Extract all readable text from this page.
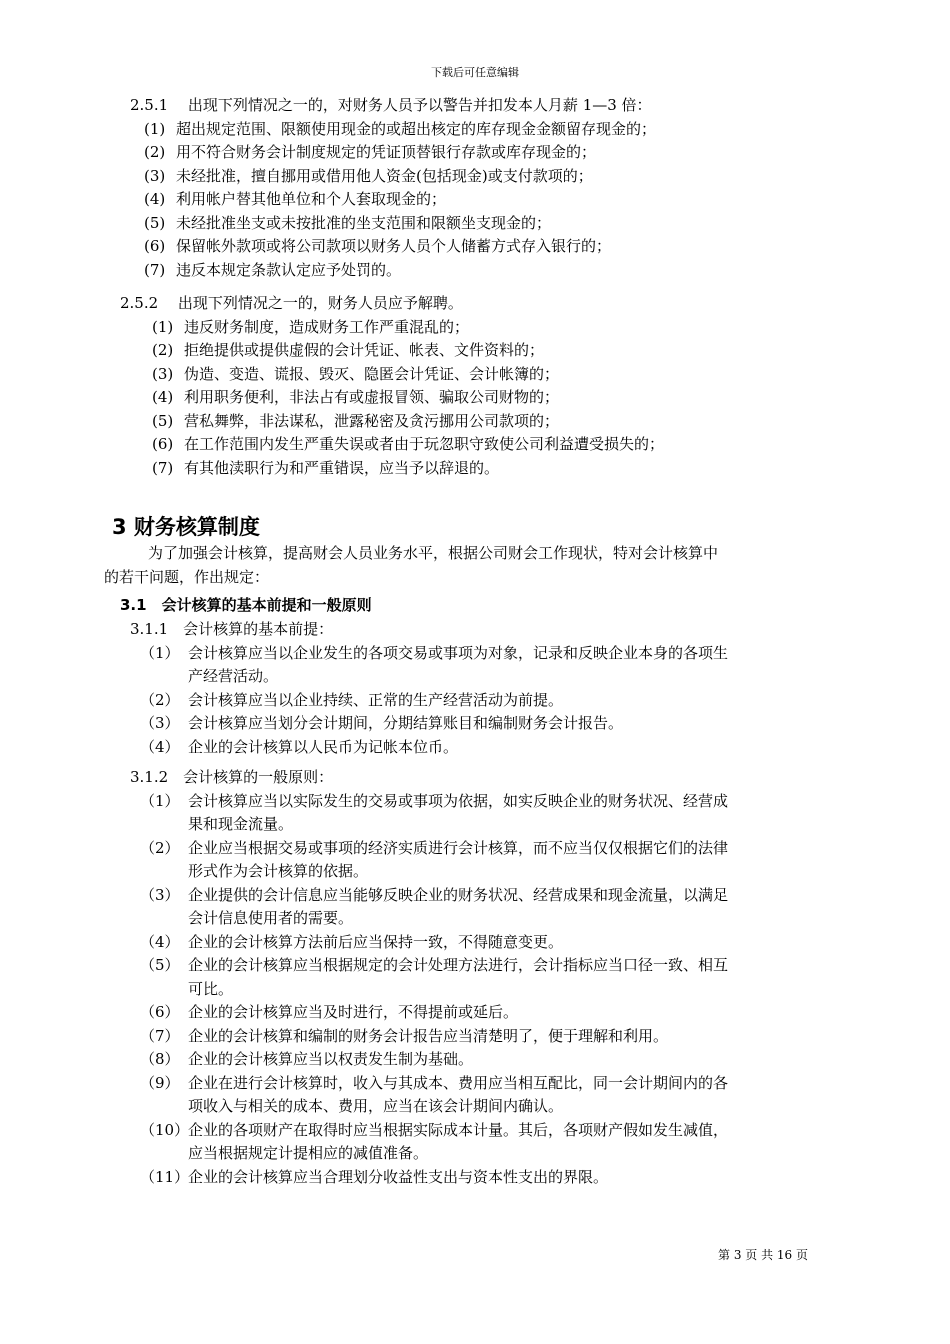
下载后可任意编辑
2.5.1　 出现下列情况之一的，对财务人员予以警告并扣发本人月薪 1—3 倍：
(1) 超出规定范围、限额使用现金的或超出核定的库存现金金额留存现金的；
(2) 用不符合财务会计制度规定的凭证顶替银行存款或库存现金的；
(3) 未经批准，擅自挪用或借用他人资金(包括现金)或支付款项的；
(4) 利用帐户替其他单位和个人套取现金的；
(5) 未经批准坐支或未按批准的坐支范围和限额坐支现金的；
(6) 保留帐外款项或将公司款项以财务人员个人储蓄方式存入银行的；
(7) 违反本规定条款认定应予处罚的。
2.5.2　 出现下列情况之一的，财务人员应予解聘。
(1) 违反财务制度，造成财务工作严重混乱的；
(2) 拒绝提供或提供虚假的会计凭证、帐表、文件资料的；
(3) 伪造、变造、谎报、毁灭、隐匿会计凭证、会计帐簿的；
(4) 利用职务便利，非法占有或虚报冒领、骗取公司财物的；
(5) 营私舞弊，非法谋私，泄露秘密及贪污挪用公司款项的；
(6) 在工作范围内发生严重失误或者由于玩忽职守致使公司利益遭受损失的；
(7) 有其他渎职行为和严重错误，应当予以辞退的。
3 财务核算制度
为了加强会计核算，提高财会人员业务水平，根据公司财会工作现状，特对会计核算中
的若干问题，作出规定：
3.1　会计核算的基本前提和一般原则
3.1.1　会计核算的基本前提：
（1） 会计核算应当以企业发生的各项交易或事项为对象，记录和反映企业本身的各项生
产经营活动。
（2） 会计核算应当以企业持续、正常的生产经营活动为前提。
（3） 会计核算应当划分会计期间，分期结算账目和编制财务会计报告。
（4） 企业的会计核算以人民币为记帐本位币。
3.1.2　会计核算的一般原则：
（1） 会计核算应当以实际发生的交易或事项为依据，如实反映企业的财务状况、经营成
果和现金流量。
（2） 企业应当根据交易或事项的经济实质进行会计核算，而不应当仅仅根据它们的法律
形式作为会计核算的依据。
（3） 企业提供的会计信息应当能够反映企业的财务状况、经营成果和现金流量，以满足
会计信息使用者的需要。
（4） 企业的会计核算方法前后应当保持一致，不得随意变更。
（5） 企业的会计核算应当根据规定的会计处理方法进行，会计指标应当口径一致、相互
可比。
（6） 企业的会计核算应当及时进行，不得提前或延后。
（7） 企业的会计核算和编制的财务会计报告应当清楚明了，便于理解和利用。
（8） 企业的会计核算应当以权责发生制为基础。
（9） 企业在进行会计核算时，收入与其成本、费用应当相互配比，同一会计期间内的各
项收入与相关的成本、费用，应当在该会计期间内确认。
（10）
企业的各项财产在取得时应当根据实际成本计量。其后，各项财产假如发生减值，
应当根据规定计提相应的减值准备。
（11）
企业的会计核算应当合理划分收益性支出与资本性支出的界限。
第 3 页 共 16 页
